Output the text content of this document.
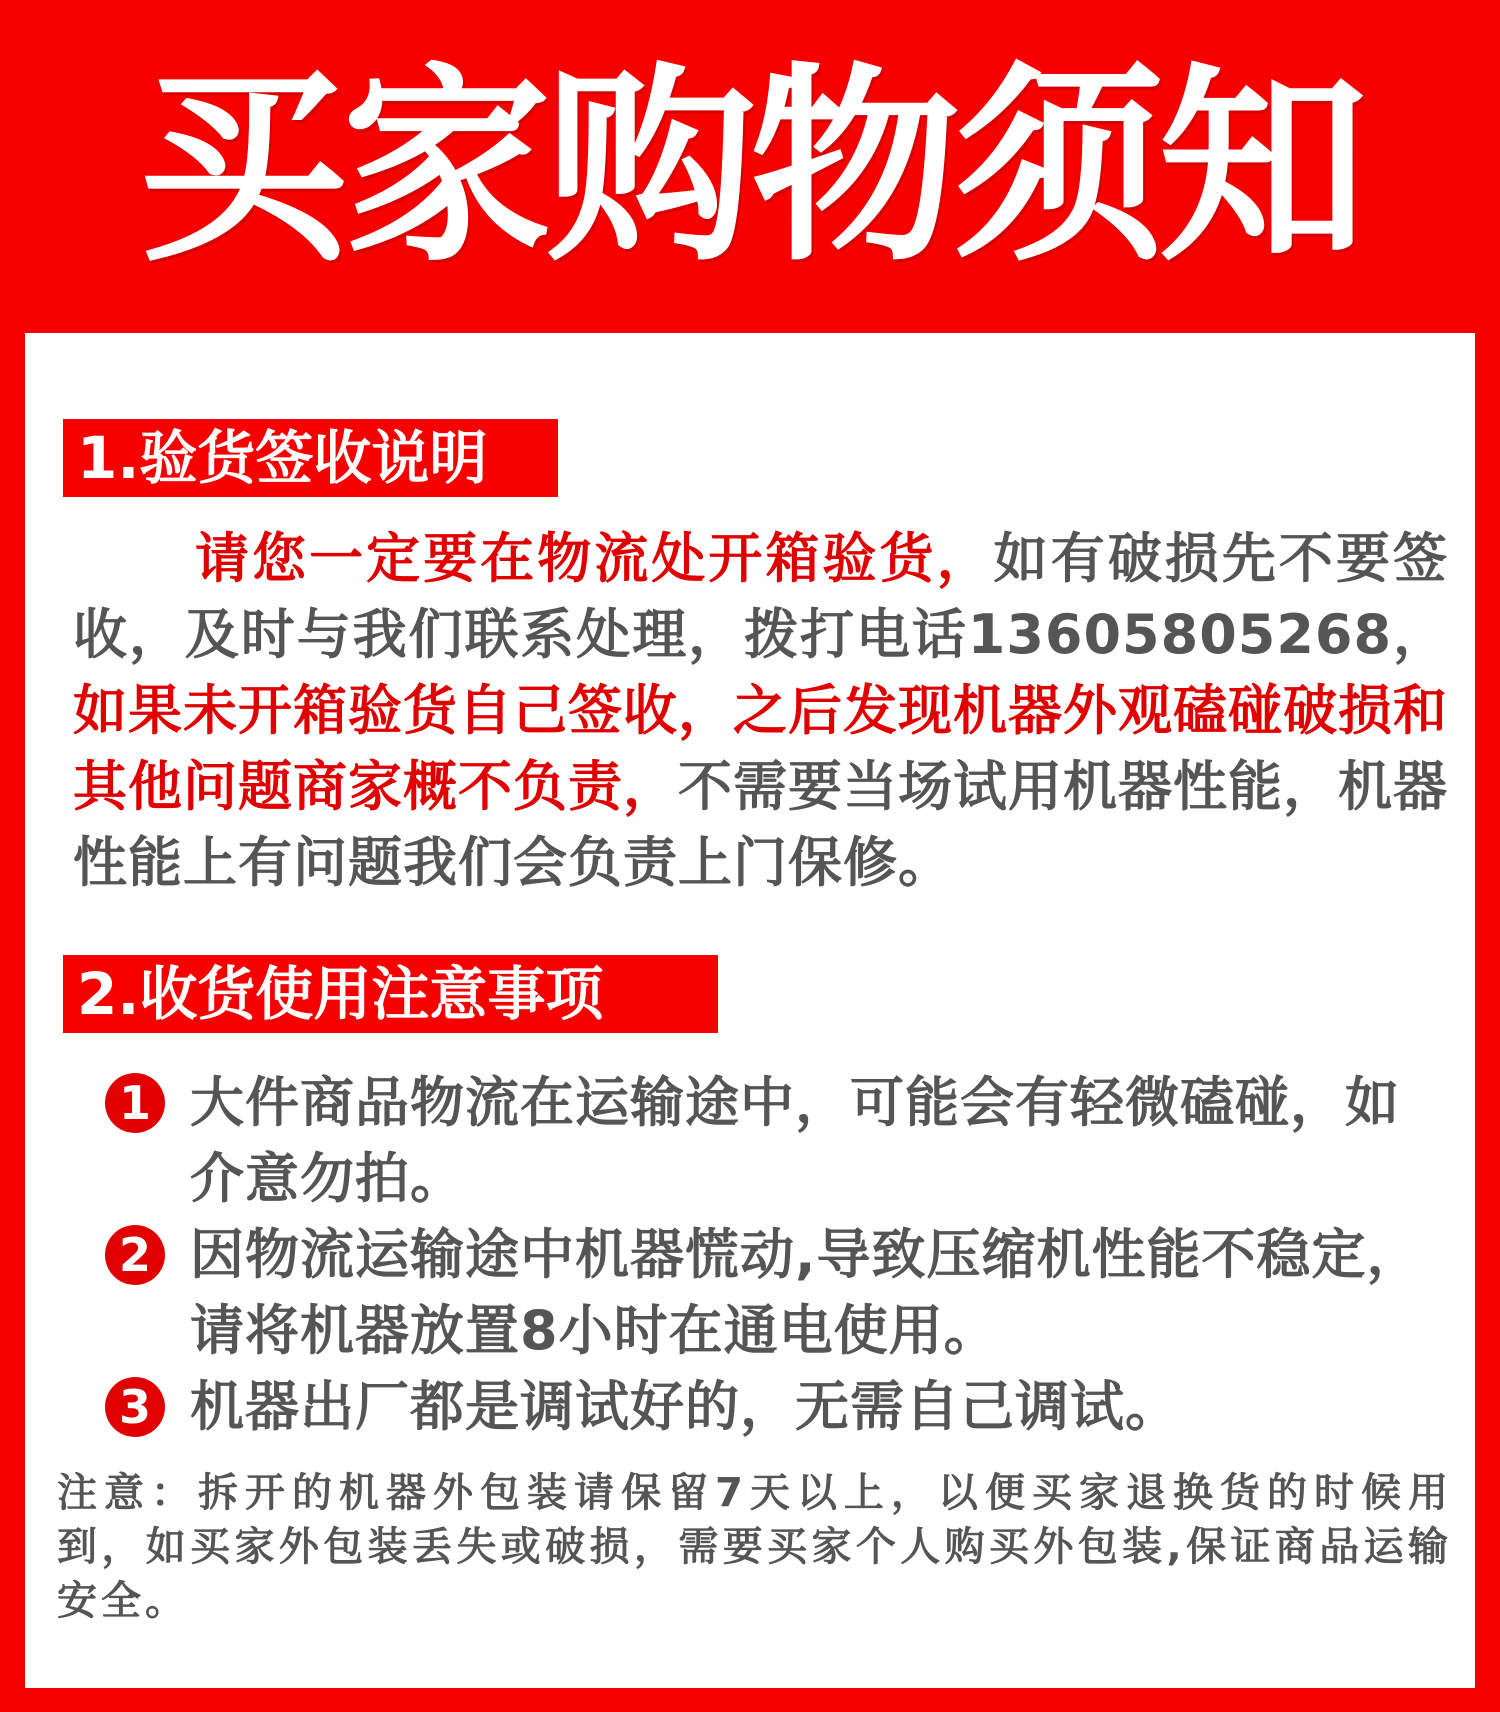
买家购物须知
1.验货签收说明
请您一定要在物流处开箱验货，如有破损先不要签收，及时与我们联系处理，拨打电话13605805268，如果未开箱验货自己签收，之后发现机器外观磕碰破损和其他问题商家概不负责，不需要当场试用机器性能，机器性能上有问题我们会负责上门保修。
2.收货使用注意事项
1 大件商品物流在运输途中，可能会有轻微磕碰，如介意勿拍。
2 因物流运输途中机器慌动,导致压缩机性能不稳定，请将机器放置8小时在通电使用。
3 机器出厂都是调试好的，无需自己调试。
注意：拆开的机器外包装请保留7天以上，以便买家退换货的时候用到，如买家外包装丢失或破损，需要买家个人购买外包装,保证商品运输安全。
